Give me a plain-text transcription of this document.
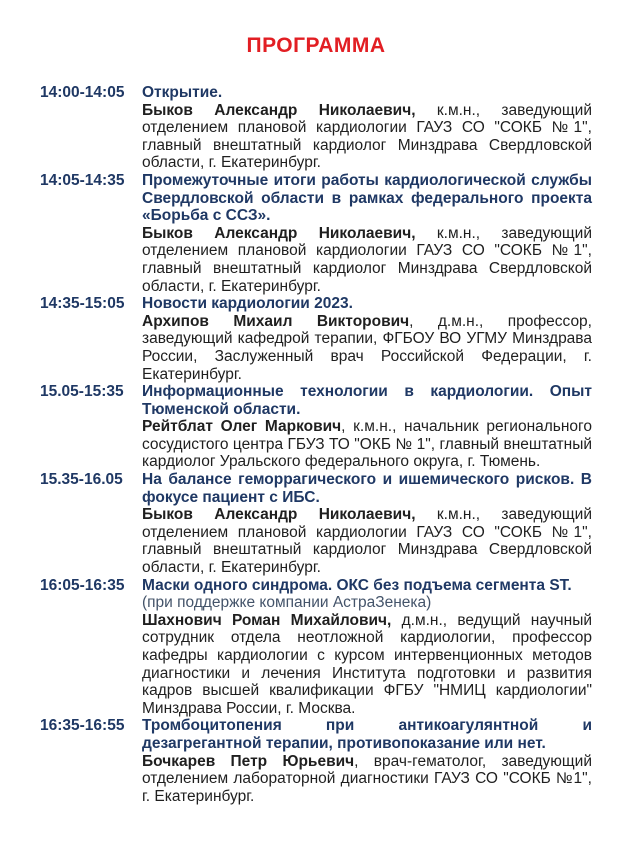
ПРОГРАММА
14:00-14:05	Открытие.

Быков Александр Николаевич, к.м.н., заведующий отделением плановой кардиологии ГАУЗ СО "СОКБ №1", главный внештатный кардиолог Минздрава Свердловской области, г. Екатеринбург.

14:05-14:35	Промежуточные итоги работы кардиологической службы Свердловской области в рамках федерального проекта «Борьба с ССЗ».

Быков Александр Николаевич, к.м.н., заведующий отделением плановой кардиологии ГАУЗ СО "СОКБ №1", главный внештатный кардиолог Минздрава Свердловской области, г. Екатеринбург.

14:35-15:05	Новости кардиологии 2023.

Архипов Михаил Викторович, д.м.н., профессор, заведующий кафедрой терапии, ФГБОУ ВО УГМУ Минздрава России, Заслуженный врач Российской Федерации, г. Екатеринбург.

15.05-15:35	Информационные технологии в кардиологии. Опыт Тюменской области.

Рейтблат Олег Маркович, к.м.н., начальник регионального сосудистого центра ГБУЗ ТО "ОКБ № 1", главный внештатный кардиолог Уральского федерального округа, г. Тюмень.

15.35-16.05	На балансе геморрагического и ишемического рисков. В фокусе пациент с ИБС.

Быков Александр Николаевич, к.м.н., заведующий отделением плановой кардиологии ГАУЗ СО "СОКБ №1", главный внештатный кардиолог Минздрава Свердловской области, г. Екатеринбург.

16:05-16:35	Маски одного синдрома. ОКС без подъема сегмента ST.

(при поддержке компании АстраЗенека)

Шахнович Роман Михайлович, д.м.н., ведущий научный сотрудник отдела неотложной кардиологии, профессор кафедры кардиологии с курсом интервенционных методов диагностики и лечения Института подготовки и развития кадров высшей квалификации ФГБУ "НМИЦ кардиологии" Минздрава России, г. Москва.

16:35-16:55	Тромбоцитопения при антикоагулянтной и дезагрегантной терапии, противопоказание или нет.

Бочкарев Петр Юрьевич, врач-гематолог, заведующий отделением лабораторной диагностики ГАУЗ СО "СОКБ №1", г. Екатеринбург.
